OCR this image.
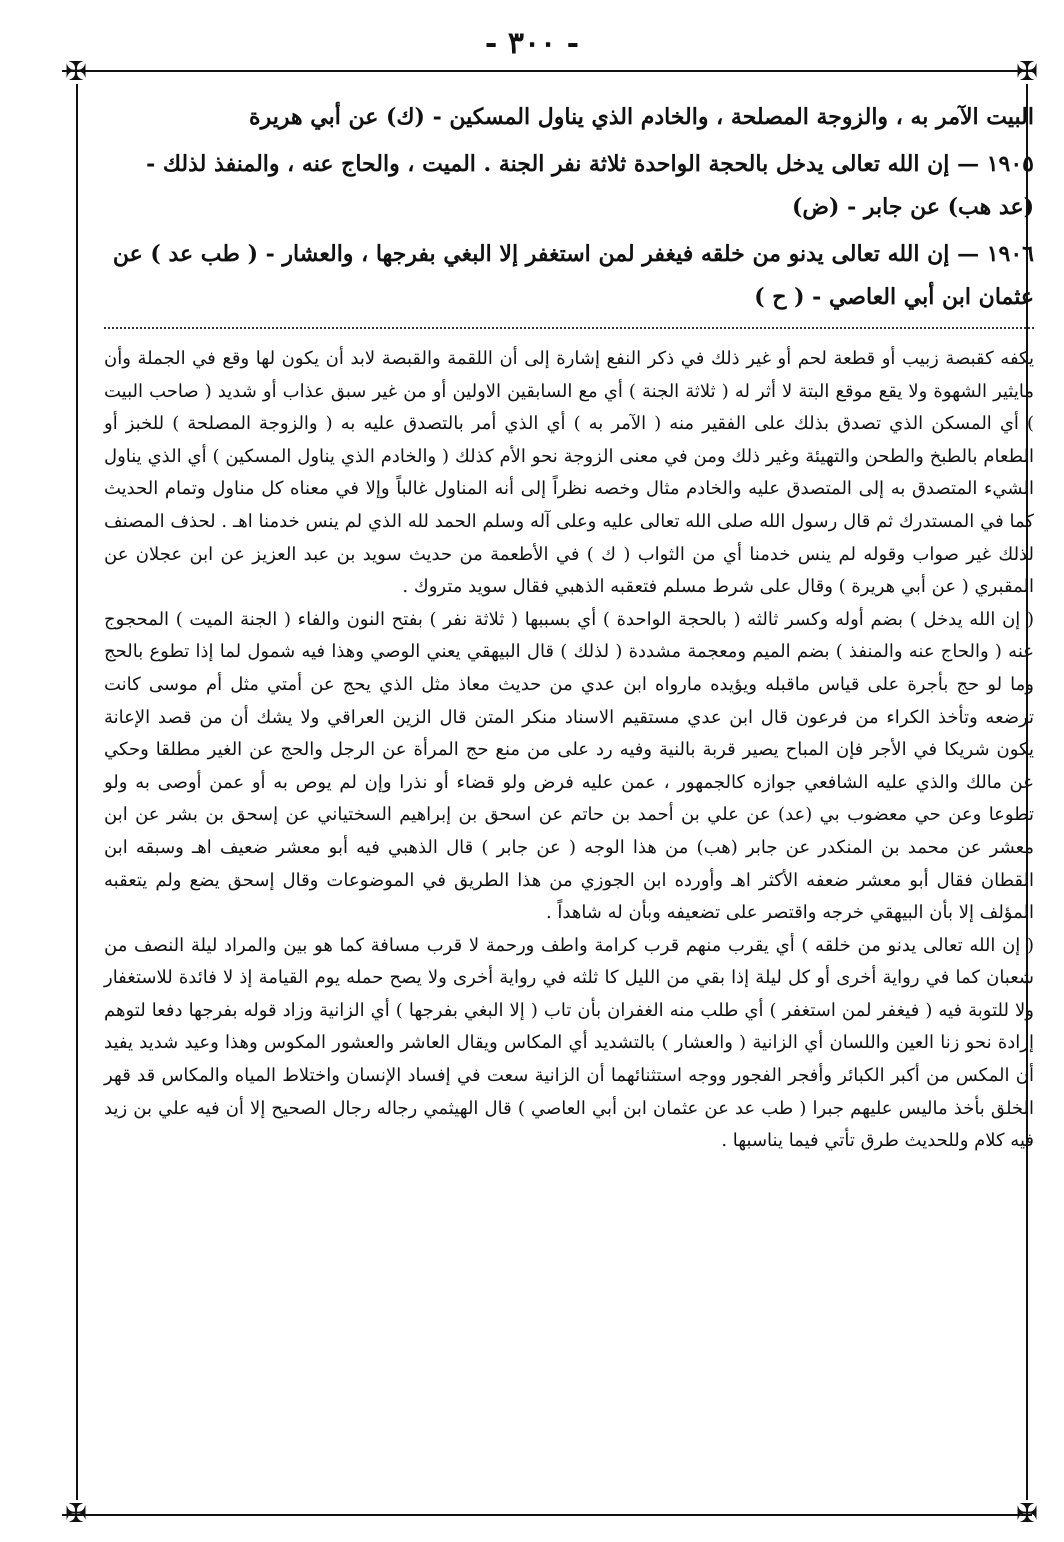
- ٣٠٠ -
✠	✠
✠	✠
البيت الآمر به ، والزوجة المصلحة ، والخادم الذي يناول المسكين - (ك) عن أبي هريرة
١٩٠٥ — إن الله تعالى يدخل بالحجة الواحدة ثلاثة نفر الجنة . الميت ، والحاج عنه ، والمنفذ لذلك -
(عد هب) عن جابر - (ض)
١٩٠٦ — إن الله تعالى يدنو من خلقه فيغفر لمن استغفر إلا البغي بفرجها ، والعشار - ( طب عد ) عن
عثمان ابن أبي العاصي - ( ح )

يكفه كقبصة زبيب أو قطعة لحم أو غير ذلك في ذكر النفع إشارة إلى أن اللقمة والقبصة لابد أن يكون لها وقع في الجملة وأن مايثير الشهوة ولا يقع موقع البتة لا أثر له ( ثلاثة الجنة ) أي مع السابقين الاولين أو من غير سبق عذاب أو شديد ( صاحب البيت ) أي المسكن الذي تصدق بذلك على الفقير منه ( الآمر به ) أي الذي أمر بالتصدق عليه به ( والزوجة المصلحة ) للخبز أو الطعام بالطبخ والطحن والتهيئة وغير ذلك ومن في معنى الزوجة نحو الأم كذلك ( والخادم الذي يناول المسكين ) أي الذي يناول الشيء المتصدق به إلى المتصدق عليه والخادم مثال وخصه نظراً إلى أنه المناول غالباً وإلا في معناه كل مناول وتمام الحديث كما في المستدرك ثم قال رسول الله صلى الله تعالى عليه وعلى آله وسلم الحمد لله الذي لم ينس خدمنا اهـ . لحذف المصنف لذلك غير صواب وقوله لم ينس خدمنا أي من الثواب ( ك ) في الأطعمة من حديث سويد بن عبد العزيز عن ابن عجلان عن المقبري ( عن أبي هريرة ) وقال على شرط مسلم فتعقبه الذهبي فقال سويد متروك .

( إن الله يدخل ) بضم أوله وكسر ثالثه ( بالحجة الواحدة ) أي بسببها ( ثلاثة نفر ) بفتح النون والفاء ( الجنة الميت ) المحجوج عنه ( والحاج عنه والمنفذ ) بضم الميم ومعجمة مشددة ( لذلك ) قال البيهقي يعني الوصي وهذا فيه شمول لما إذا تطوع بالحج وما لو حج بأجرة على قياس ماقبله ويؤيده مارواه ابن عدي من حديث معاذ مثل الذي يحج عن أمتي مثل أم موسى كانت ترضعه وتأخذ الكراء من فرعون قال ابن عدي مستقيم الاسناد منكر المتن قال الزين العراقي ولا يشك أن من قصد الإعانة يكون شريكا في الأجر فإن المباح يصير قربة بالنية وفيه رد على من منع حج المرأة عن الرجل والحج عن الغير مطلقا وحكي عن مالك والذي عليه الشافعي جوازه كالجمهور ، عمن عليه فرض ولو قضاء أو نذرا وإن لم يوص به أو عمن أوصى به ولو تطوعا وعن حي معضوب بي (عد) عن علي بن أحمد بن حاتم عن اسحق بن إبراهيم السختياني عن إسحق بن بشر عن ابن معشر عن محمد بن المنكدر عن جابر (هب) من هذا الوجه ( عن جابر ) قال الذهبي فيه أبو معشر ضعيف اهـ وسبقه ابن القطان فقال أبو معشر ضعفه الأكثر اهـ وأورده ابن الجوزي من هذا الطريق في الموضوعات وقال إسحق يضع ولم يتعقبه المؤلف إلا بأن البيهقي خرجه واقتصر على تضعيفه وبأن له شاهداً .

( إن الله تعالى يدنو من خلقه ) أي يقرب منهم قرب كرامة واطف ورحمة لا قرب مسافة كما هو بين والمراد ليلة النصف من شعبان كما في رواية أخرى أو كل ليلة إذا بقي من الليل كا ثلثه في رواية أخرى ولا يصح حمله يوم القيامة إذ لا فائدة للاستغفار ولا للتوبة فيه ( فيغفر لمن استغفر ) أي طلب منه الغفران بأن تاب ( إلا البغي بفرجها ) أي الزانية وزاد قوله بفرجها دفعا لتوهم إرادة نحو زنا العين واللسان أي الزانية ( والعشار ) بالتشديد أي المكاس ويقال العاشر والعشور المكوس وهذا وعيد شديد يفيد أن المكس من أكبر الكبائر وأفجر الفجور ووجه استثنائهما أن الزانية سعت في إفساد الإنسان واختلاط المياه والمكاس قد قهر الخلق بأخذ ماليس عليهم جبرا ( طب عد عن عثمان ابن أبي العاصي ) قال الهيثمي رجاله رجال الصحيح إلا أن فيه علي بن زيد فيه كلام وللحديث طرق تأتي فيما يناسبها .
